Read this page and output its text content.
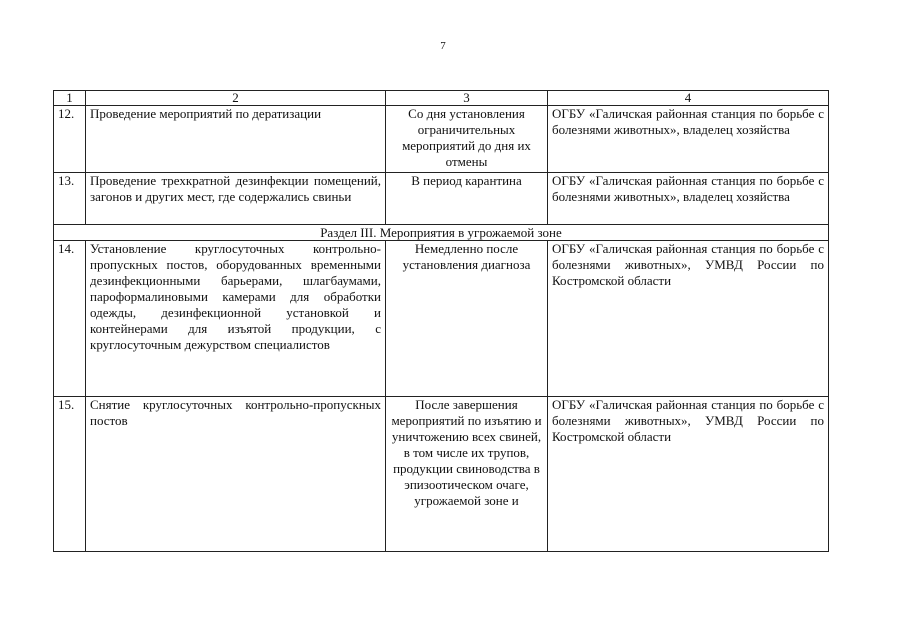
7
1	2	3	4
12.	Проведение мероприятий по дератизации	Со дня установления ограничительных мероприятий до дня их отмены	ОГБУ «Галичская районная станция по борьбе с болезнями животных», владелец хозяйства
13.	Проведение трехкратной дезинфекции помещений, загонов и других мест, где содержались свиньи	В период карантина	ОГБУ «Галичская районная станция по борьбе с болезнями животных», владелец хозяйства
Раздел III. Мероприятия в угрожаемой зоне			
14.	Установление круглосуточных контрольно-пропускных постов, оборудованных временными дезинфекционными барьерами, шлагбаумами, пароформалиновыми камерами для обработки одежды, дезинфекционной установкой и контейнерами для изъятой продукции, с круглосуточным дежурством специалистов	Немедленно после установления диагноза	ОГБУ «Галичская районная станция по борьбе с болезнями животных», УМВД России по Костромской области
15.	Снятие круглосуточных контрольно-пропускных постов	После завершения мероприятий по изъятию и уничтожению всех свиней, в том числе их трупов, продукции свиноводства в эпизоотическом очаге, угрожаемой зоне и	ОГБУ «Галичская районная станция по борьбе с болезнями животных», УМВД России по Костромской области
